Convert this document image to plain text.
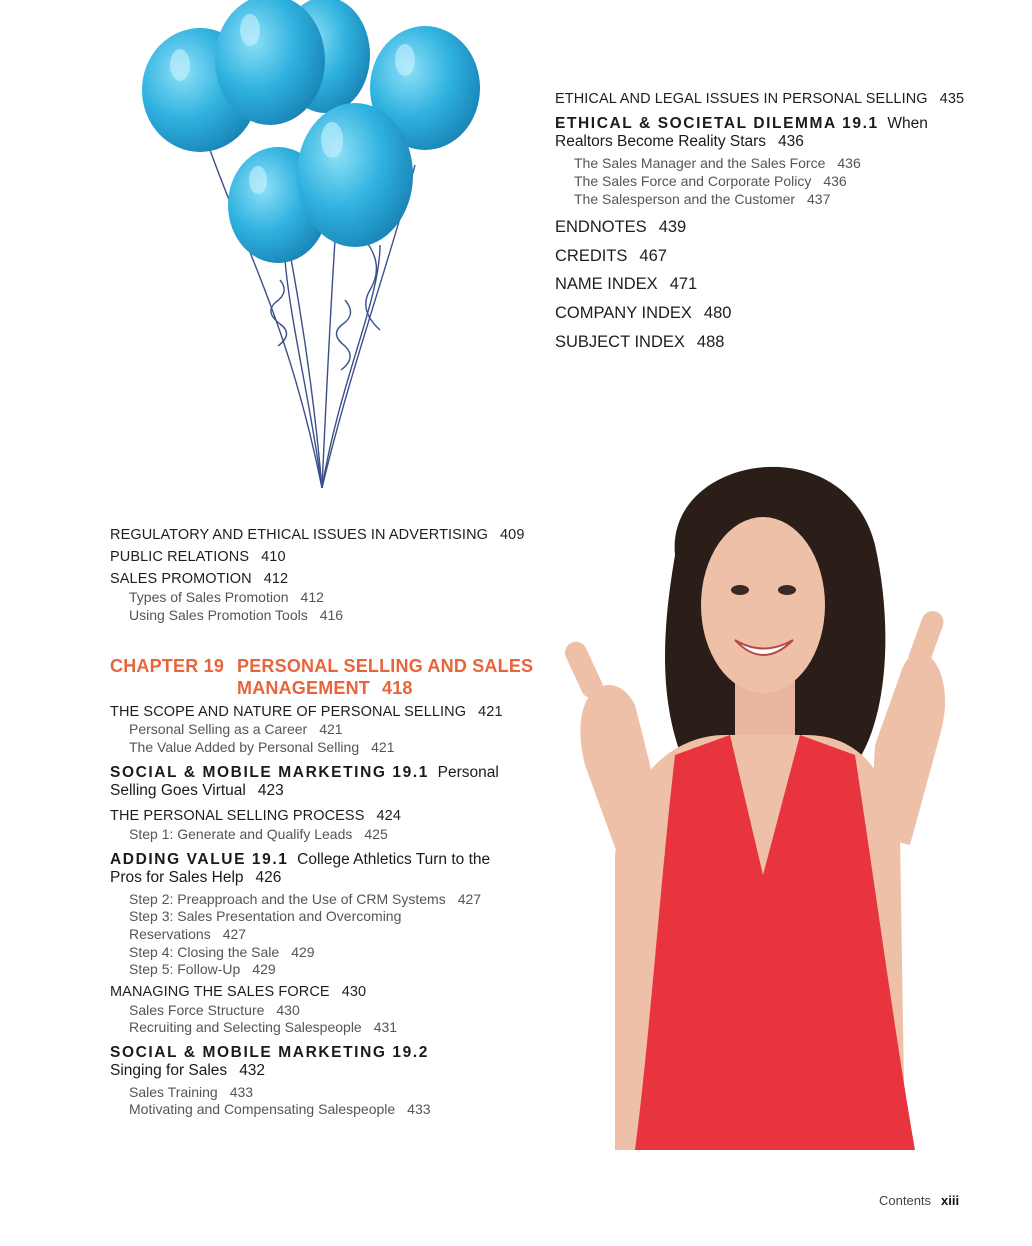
ETHICAL AND LEGAL ISSUES IN PERSONAL SELLING 435
ETHICAL & SOCIETAL DILEMMA 19.1 When
Realtors Become Reality Stars 436
The Sales Manager and the Sales Force 436
The Sales Force and Corporate Policy 436
The Salesperson and the Customer 437
ENDNOTES 439
CREDITS 467
NAME INDEX 471
COMPANY INDEX 480
SUBJECT INDEX 488
REGULATORY AND ETHICAL ISSUES IN ADVERTISING 409
PUBLIC RELATIONS 410
SALES PROMOTION 412
Types of Sales Promotion 412
Using Sales Promotion Tools 416
CHAPTER 19 PERSONAL SELLING AND SALES
MANAGEMENT 418
THE SCOPE AND NATURE OF PERSONAL SELLING 421
Personal Selling as a Career 421
The Value Added by Personal Selling 421
SOCIAL & MOBILE MARKETING 19.1 Personal
Selling Goes Virtual 423
THE PERSONAL SELLING PROCESS 424
Step 1: Generate and Qualify Leads 425
ADDING VALUE 19.1 College Athletics Turn to the
Pros for Sales Help 426
Step 2: Preapproach and the Use of CRM Systems 427
Step 3: Sales Presentation and Overcoming
Reservations 427
Step 4: Closing the Sale 429
Step 5: Follow-Up 429
MANAGING THE SALES FORCE 430
Sales Force Structure 430
Recruiting and Selecting Salespeople 431
SOCIAL & MOBILE MARKETING 19.2
Singing for Sales 432
Sales Training 433
Motivating and Compensating Salespeople 433
Contents xiii
